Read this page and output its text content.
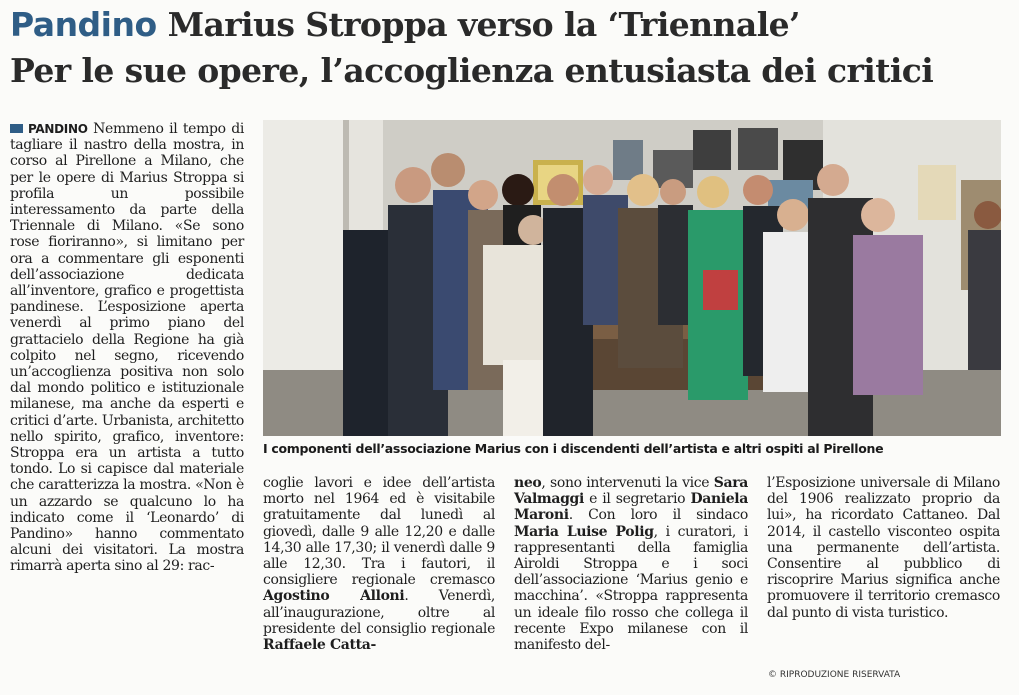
Pandino Marius Stroppa verso la ‘Triennale’
Per le sue opere, l’accoglienza entusiasta dei critici
PANDINO Nemmeno il tempo di tagliare il nastro della mostra, in corso al Pirellone a Milano, che per le opere di Marius Stroppa si profila un possibile interessamento da parte della Triennale di Milano. «Se sono rose fioriranno», si limitano per ora a commentare gli esponenti dell’associazione dedicata all’inventore, grafico e progettista pandinese. L’esposizione aperta venerdì al primo piano del grattacielo della Regione ha già colpito nel segno, ricevendo un’accoglienza positiva non solo dal mondo politico e istituzionale milanese, ma anche da esperti e critici d’arte. Urbanista, architetto nello spirito, grafico, inventore: Stroppa era un artista a tutto tondo. Lo si capisce dal materiale che caratterizza la mostra. «Non è un azzardo se qualcuno lo ha indicato come il ‘Leonardo’ di Pandino» hanno commentato alcuni dei visitatori. La mostra rimarrà aperta sino al 29: rac-
I componenti dell’associazione Marius con i discendenti dell’artista e altri ospiti al Pirellone
coglie lavori e idee dell’artista morto nel 1964 ed è visitabile gratuitamente dal lunedì al giovedì, dalle 9 alle 12,20 e dalle 14,30 alle 17,30; il venerdì dalle 9 alle 12,30. Tra i fautori, il consigliere regionale cremasco Agostino Alloni. Venerdì, all’inaugurazione, oltre al presidente del consiglio regionale Raffaele Catta-
neo, sono intervenuti la vice Sara Valmaggi e il segretario Daniela Maroni. Con loro il sindaco Maria Luise Polig, i curatori, i rappresentanti della famiglia Airoldi Stroppa e i soci dell’associazione ‘Marius genio e macchina’. «Stroppa rappresenta un ideale filo rosso che collega il recente Expo milanese con il manifesto del-
l’Esposizione universale di Milano del 1906 realizzato proprio da lui», ha ricordato Cattaneo. Dal 2014, il castello visconteo ospita una permanente dell’artista. Consentire al pubblico di riscoprire Marius significa anche promuovere il territorio cremasco dal punto di vista turistico.
© RIPRODUZIONE RISERVATA
